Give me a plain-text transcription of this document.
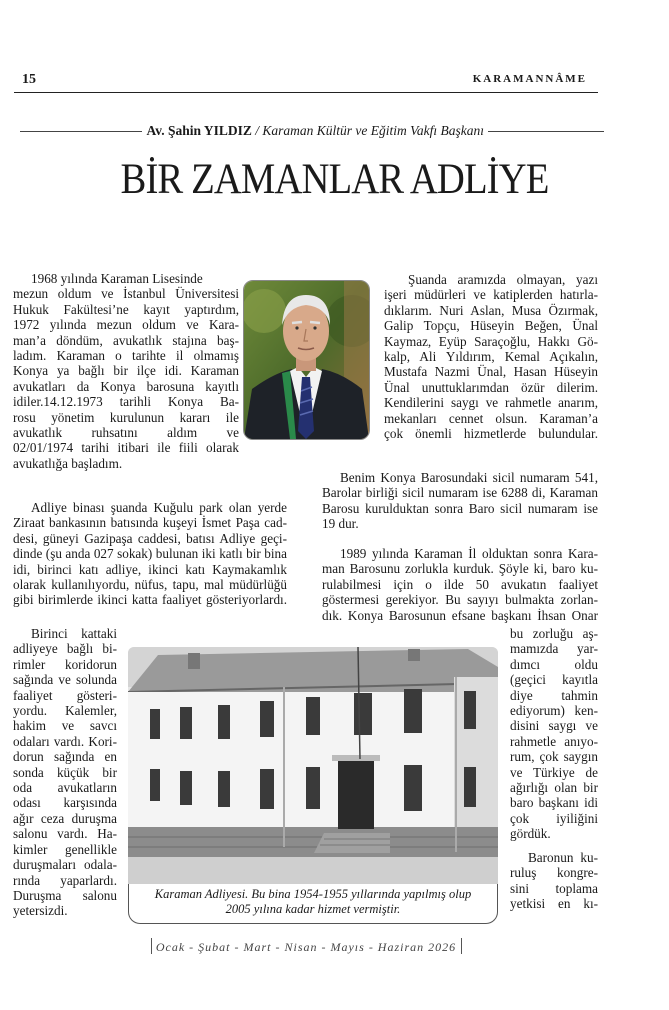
15	KARAMANNÂME
Av. Şahin YILDIZ / Karaman Kültür ve Eğitim Vakfı Başkanı
BİR ZAMANLAR ADLİYE
1968 yılında Karaman Lisesinde
mezun oldum ve İstanbul Üniversitesi
Hukuk Fakültesi’ne kayıt yaptırdım,
1972 yılında mezun oldum ve Kara-
man’a döndüm, avukatlık stajına baş-
ladım. Karaman o tarihte il olmamış
Konya ya bağlı bir ilçe idi. Karaman
avukatları da Konya barosuna kayıtlı
idiler.14.12.1973 tarihli Konya Ba-
rosu yönetim kurulunun kararı ile
avukatlık ruhsatını aldım ve
02/01/1974 tarihi itibari ile fiili olarak
avukatlığa başladım.
Adliye binası şuanda Kuğulu park olan yerde
Ziraat bankasının batısında kuşeyi İsmet Paşa cad-
desi, güneyi Gazipaşa caddesi, batısı Adliye geçi-
dinde (şu anda 027 sokak) bulunan iki katlı bir bina
idi, birinci katı adliye, ikinci katı Kaymakamlık
olarak kullanılıyordu, nüfus, tapu, mal müdürlüğü
gibi birimlerde ikinci katta faaliyet gösteriyorlardı.
Birinci kattaki
adliyeye bağlı bi-
rimler koridorun
sağında ve solunda
faaliyet gösteri-
yordu. Kalemler,
hakim ve savcı
odaları vardı. Kori-
dorun sağında en
sonda küçük bir
oda avukatların
odası karşısında
ağır ceza duruşma
salonu vardı. Ha-
kimler genellikle
duruşmaları odala-
rında yaparlardı.
Duruşma salonu
yetersizdi.
Şuanda aramızda olmayan, yazı
işeri müdürleri ve katiplerden hatırla-
dıklarım. Nuri Aslan, Musa Özırmak,
Galip Topçu, Hüseyin Beğen, Ünal
Kaymaz, Eyüp Saraçoğlu, Hakkı Gö-
kalp, Ali Yıldırım, Kemal Açıkalın,
Mustafa Nazmi Ünal, Hasan Hüseyin
Ünal unuttuklarımdan özür dilerim.
Kendilerini saygı ve rahmetle anarım,
mekanları cennet olsun. Karaman’a
çok önemli hizmetlerde bulundular.
Benim Konya Barosundaki sicil numaram 541,
Barolar birliği sicil numaram ise 6288 di, Karaman
Barosu kurulduktan sonra Baro sicil numaram ise
19 dur.
1989 yılında Karaman İl olduktan sonra Kara-
man Barosunu zorlukla kurduk. Şöyle ki, baro ku-
rulabilmesi için o ilde 50 avukatın faaliyet
göstermesi gerekiyor. Bu sayıyı bulmakta zorlan-
dık. Konya Barosunun efsane başkanı İhsan Onar
bu zorluğu aş-
mamızda yar-
dımcı oldu
(geçici kayıtla
diye tahmin
ediyorum) ken-
disini saygı ve
rahmetle anıyo-
rum, çok saygın
ve Türkiye de
ağırlığı olan bir
baro başkanı idi
çok iyiliğini
gördük.
Baronun ku-
ruluş kongre-
sini toplama
yetkisi en kı-
Karaman Adliyesi. Bu bina 1954-1955 yıllarında yapılmış olup
2005 yılına kadar hizmet vermiştir.
Ocak - Şubat - Mart - Nisan - Mayıs - Haziran 2026
